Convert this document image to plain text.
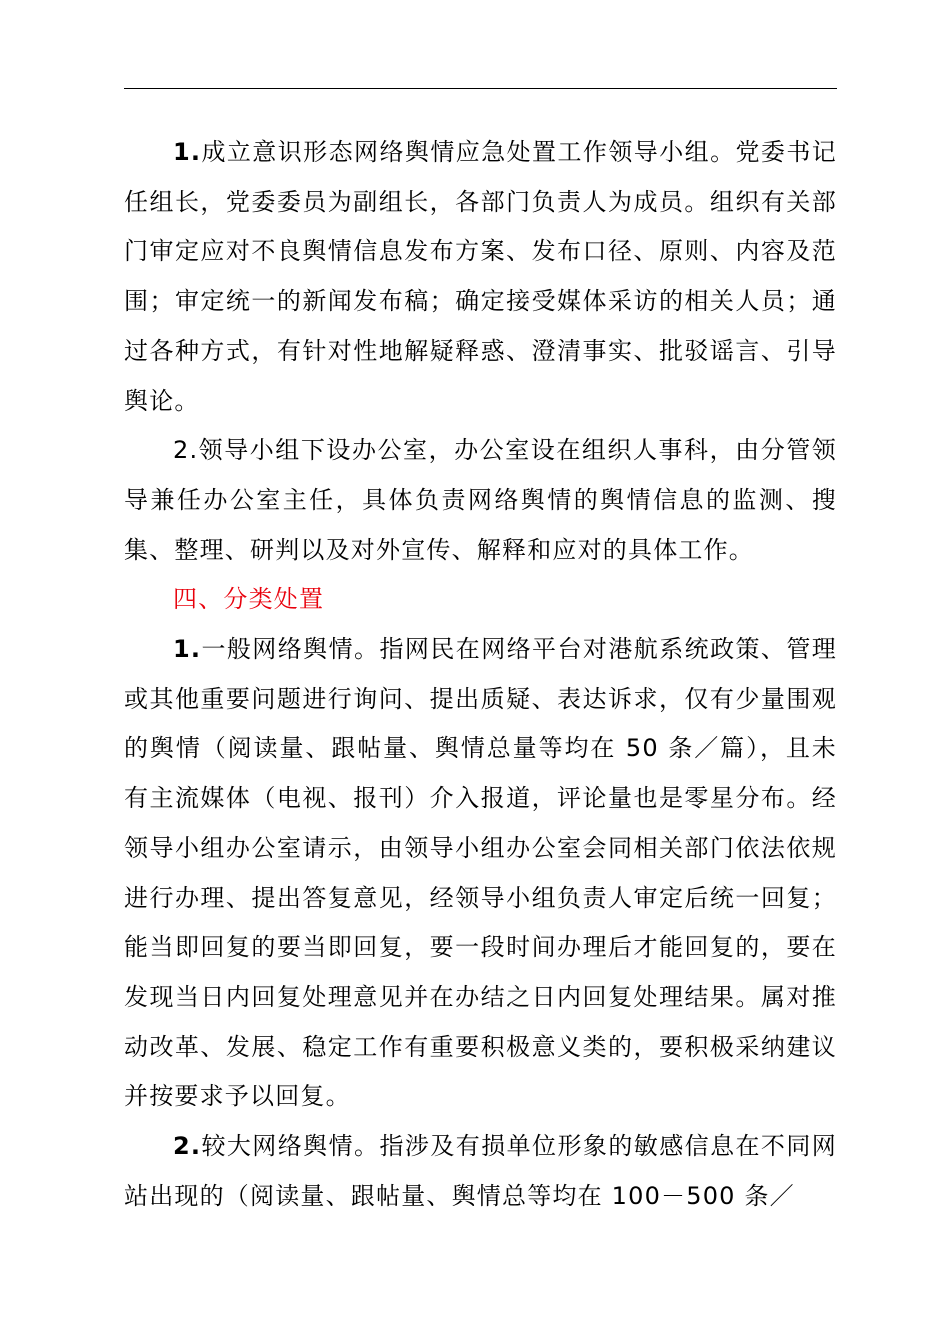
1.成立意识形态网络舆情应急处置工作领导小组。党委书记任组长，党委委员为副组长，各部门负责人为成员。组织有关部门审定应对不良舆情信息发布方案、发布口径、原则、内容及范围；审定统一的新闻发布稿；确定接受媒体采访的相关人员；通过各种方式，有针对性地解疑释惑、澄清事实、批驳谣言、引导舆论。

2.领导小组下设办公室，办公室设在组织人事科，由分管领导兼任办公室主任，具体负责网络舆情的舆情信息的监测、搜集、整理、研判以及对外宣传、解释和应对的具体工作。

四、分类处置

1.一般网络舆情。指网民在网络平台对港航系统政策、管理或其他重要问题进行询问、提出质疑、表达诉求，仅有少量围观的舆情（阅读量、跟帖量、舆情总量等均在 50 条／篇），且未有主流媒体（电视、报刊）介入报道，评论量也是零星分布。经领导小组办公室请示，由领导小组办公室会同相关部门依法依规进行办理、提出答复意见，经领导小组负责人审定后统一回复；能当即回复的要当即回复，要一段时间办理后才能回复的，要在发现当日内回复处理意见并在办结之日内回复处理结果。属对推动改革、发展、稳定工作有重要积极意义类的，要积极采纳建议并按要求予以回复。

2.较大网络舆情。指涉及有损单位形象的敏感信息在不同网站出现的（阅读量、跟帖量、舆情总等均在 100－500 条／
